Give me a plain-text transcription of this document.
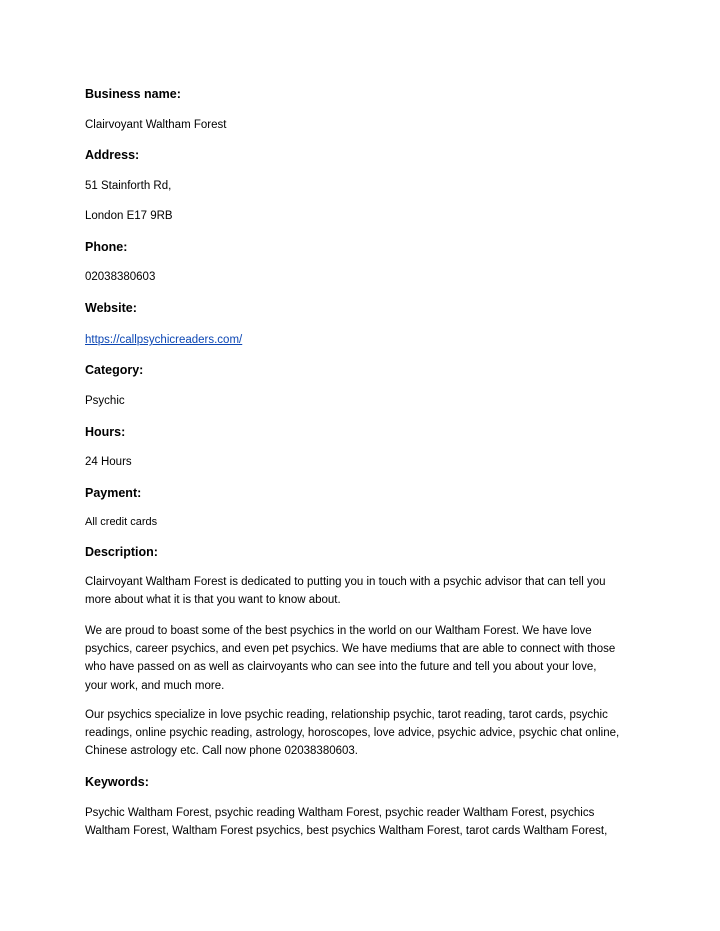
Business name:

Clairvoyant Waltham Forest

Address:

51 Stainforth Rd,

London E17 9RB

Phone:

02038380603

Website:

https://callpsychicreaders.com/

Category:

Psychic

Hours:

24 Hours

Payment:

All credit cards

Description:

Clairvoyant Waltham Forest is dedicated to putting you in touch with a psychic advisor that can tell you
more about what it is that you want to know about.
We are proud to boast some of the best psychics in the world on our Waltham Forest. We have love
psychics, career psychics, and even pet psychics. We have mediums that are able to connect with those
who have passed on as well as clairvoyants who can see into the future and tell you about your love,
your work, and much more.
Our psychics specialize in love psychic reading, relationship psychic, tarot reading, tarot cards, psychic
readings, online psychic reading, astrology, horoscopes, love advice, psychic advice, psychic chat online,
Chinese astrology etc. Call now phone 02038380603.

Keywords:

Psychic Waltham Forest, psychic reading Waltham Forest, psychic reader Waltham Forest, psychics
Waltham Forest, Waltham Forest psychics, best psychics Waltham Forest, tarot cards Waltham Forest,
